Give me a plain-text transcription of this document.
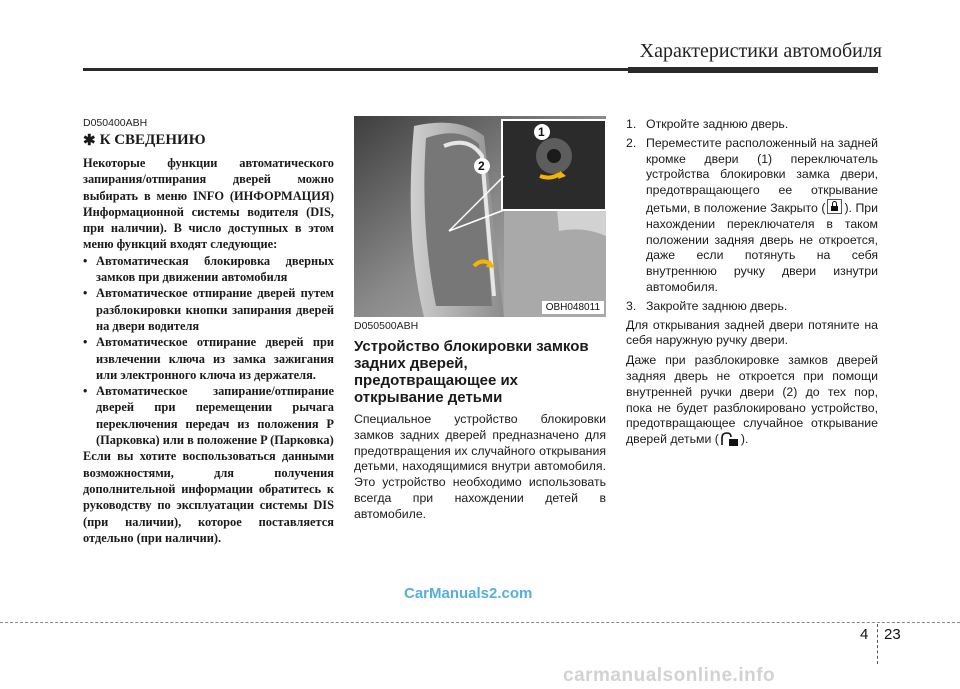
Характеристики автомобиля

D050400ABH

✱ К СВЕДЕНИЮ

Некоторые функции автоматического запирания/отпирания дверей можно выбирать в меню INFO (ИНФОРМАЦИЯ) Информационной системы водителя (DIS, при наличии). В число доступных в этом меню функций входят следующие:

• Автоматическая блокировка дверных замков при движении автомобиля
• Автоматическое отпирание дверей путем разблокировки кнопки запирания дверей на двери водителя
• Автоматическое отпирание дверей при извлечении ключа из замка зажигания или электронного ключа из держателя.
• Автоматическое запирание/отпирание дверей при перемещении рычага переключения передач из положения P (Парковка) или в положение P (Парковка)

Если вы хотите воспользоваться данными возможностями, для получения дополнительной информации обратитесь к руководству по эксплуатации системы DIS (при наличии), которое поставляется отдельно (при наличии).

1
2
OBH048011

D050500ABH

Устройство блокировки замков задних дверей, предотвращающее их открывание детьми

Специальное устройство блокировки замков задних дверей предназначено для предотвращения их случайного открывания детьми, находящимися внутри автомобиля. Это устройство необходимо использовать всегда при нахождении детей в автомобиле.

1. Откройте заднюю дверь.
2. Переместите расположенный на задней кромке двери (1) переключатель устройства блокировки замка двери, предотвращающего ее открывание детьми, в положение Закрыто ( ). При нахождении переключателя в таком положении задняя дверь не откроется, даже если потянуть на себя внутреннюю ручку двери изнутри автомобиля.
3. Закройте заднюю дверь.

Для открывания задней двери потяните на себя наружную ручку двери.

Даже при разблокировке замков дверей задняя дверь не откроется при помощи внутренней ручки двери (2) до тех пор, пока не будет разблокировано устройство, предотвращающее случайное открывание дверей детьми ( ).

CarManuals2.com
4 23
carmanualsonline.info
